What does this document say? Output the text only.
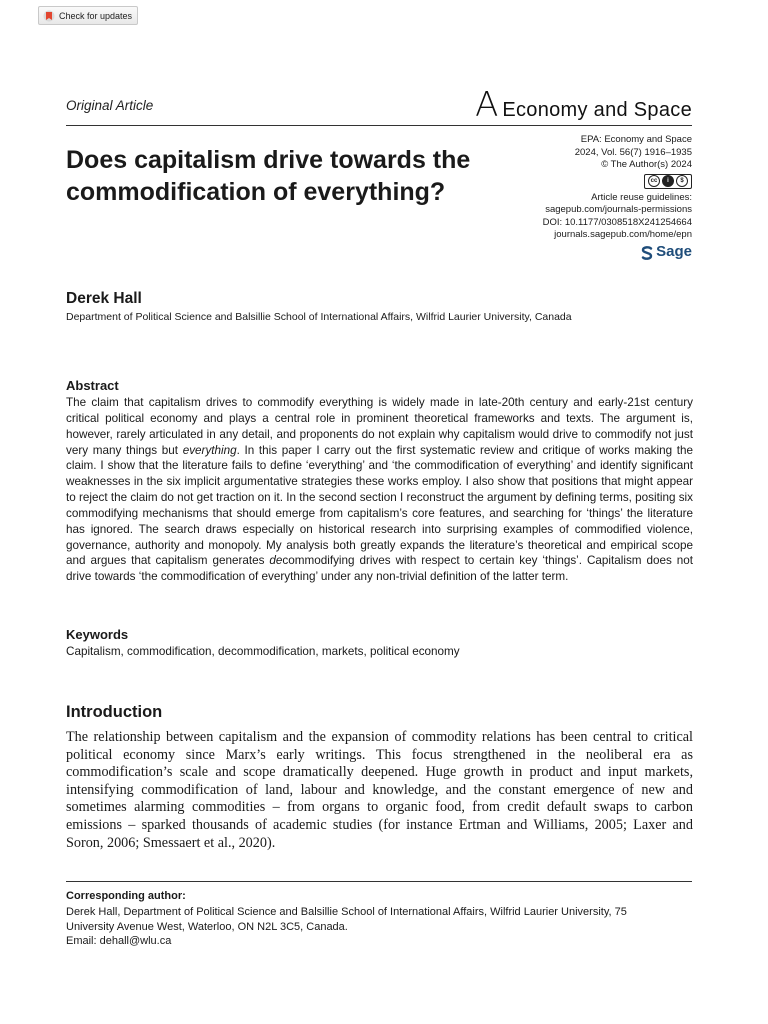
Check for updates
Original Article	A Economy and Space
Does capitalism drive towards the commodification of everything?
EPA: Economy and Space
2024, Vol. 56(7) 1916–1935
© The Author(s) 2024
cc	i	$
Article reuse guidelines:
sagepub.com/journals-permissions
DOI: 10.1177/0308518X241254664
journals.sagepub.com/home/epn
Sage
Derek Hall
Department of Political Science and Balsillie School of International Affairs, Wilfrid Laurier University, Canada
Abstract

The claim that capitalism drives to commodify everything is widely made in late-20th century and early-21st century critical political economy and plays a central role in prominent theoretical frameworks and texts. The argument is, however, rarely articulated in any detail, and proponents do not explain why capitalism would drive to commodify not just very many things but everything. In this paper I carry out the first systematic review and critique of works making the claim. I show that the literature fails to define ‘everything’ and ‘the commodification of everything’ and identify significant weaknesses in the six implicit argumentative strategies these works employ. I also show that positions that might appear to reject the claim do not get traction on it. In the second section I reconstruct the argument by defining terms, positing six commodifying mechanisms that should emerge from capitalism’s core features, and searching for ‘things’ the literature has ignored. The search draws especially on historical research into surprising examples of commodified violence, governance, authority and monopoly. My analysis both greatly expands the literature’s theoretical and empirical scope and argues that capitalism generates decommodifying drives with respect to certain key ‘things’. Capitalism does not drive towards ‘the commodification of everything’ under any non-trivial definition of the latter term.

Keywords
Capitalism, commodification, decommodification, markets, political economy
Introduction

The relationship between capitalism and the expansion of commodity relations has been central to critical political economy since Marx’s early writings. This focus strengthened in the neoliberal era as commodification’s scale and scope dramatically deepened. Huge growth in product and input markets, intensifying commodification of land, labour and knowledge, and the constant emergence of new and sometimes alarming commodities – from organs to organic food, from credit default swaps to carbon emissions – sparked thousands of academic studies (for instance Ertman and Williams, 2005; Laxer and Soron, 2006; Smessaert et al., 2020).

Corresponding author:

Derek Hall, Department of Political Science and Balsillie School of International Affairs, Wilfrid Laurier University, 75 University Avenue West, Waterloo, ON N2L 3C5, Canada.
Email: dehall@wlu.ca
